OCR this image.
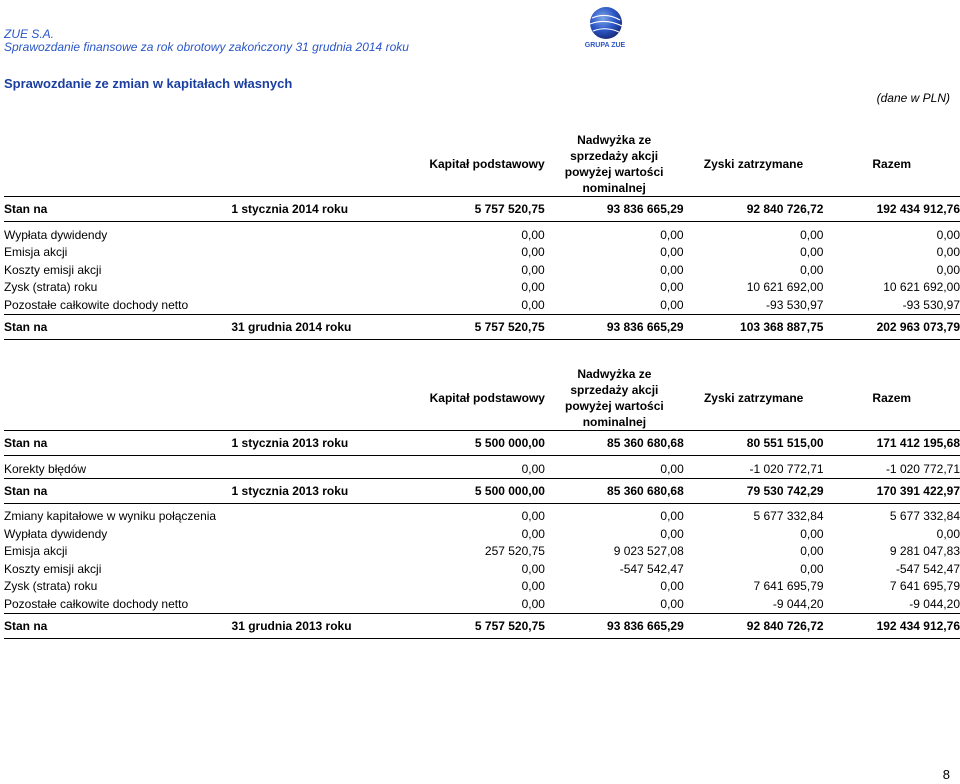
ZUE S.A.
Sprawozdanie finansowe za rok obrotowy zakończony 31 grudnia 2014 roku	GRUPA ZUE
Sprawozdanie ze zmian w kapitałach własnych
(dane w PLN)
		Kapitał podstawowy	Nadwyżka ze
sprzedaży akcji
powyżej wartości
nominalnej	Zyski zatrzymane	Razem
Stan na	1 stycznia 2014 roku	5 757 520,75	93 836 665,29	92 840 726,72	192 434 912,76

Wypłata dywidendy		0,00	0,00	0,00	0,00
Emisja akcji		0,00	0,00	0,00	0,00
Koszty emisji akcji		0,00	0,00	0,00	0,00
Zysk (strata) roku		0,00	0,00	10 621 692,00	10 621 692,00
Pozostałe całkowite dochody netto		0,00	0,00	-93 530,97	-93 530,97
Stan na	31 grudnia 2014 roku	5 757 520,75	93 836 665,29	103 368 887,75	202 963 073,79
		Kapitał podstawowy	Nadwyżka ze
sprzedaży akcji
powyżej wartości
nominalnej	Zyski zatrzymane	Razem
Stan na	1 stycznia 2013 roku	5 500 000,00	85 360 680,68	80 551 515,00	171 412 195,68

Korekty błędów		0,00	0,00	-1 020 772,71	-1 020 772,71
Stan na	1 stycznia 2013 roku	5 500 000,00	85 360 680,68	79 530 742,29	170 391 422,97

Zmiany kapitałowe w wyniku połączenia		0,00	0,00	5 677 332,84	5 677 332,84
Wypłata dywidendy		0,00	0,00	0,00	0,00
Emisja akcji		257 520,75	9 023 527,08	0,00	9 281 047,83
Koszty emisji akcji		0,00	-547 542,47	0,00	-547 542,47
Zysk (strata) roku		0,00	0,00	7 641 695,79	7 641 695,79
Pozostałe całkowite dochody netto		0,00	0,00	-9 044,20	-9 044,20
Stan na	31 grudnia 2013 roku	5 757 520,75	93 836 665,29	92 840 726,72	192 434 912,76
8
